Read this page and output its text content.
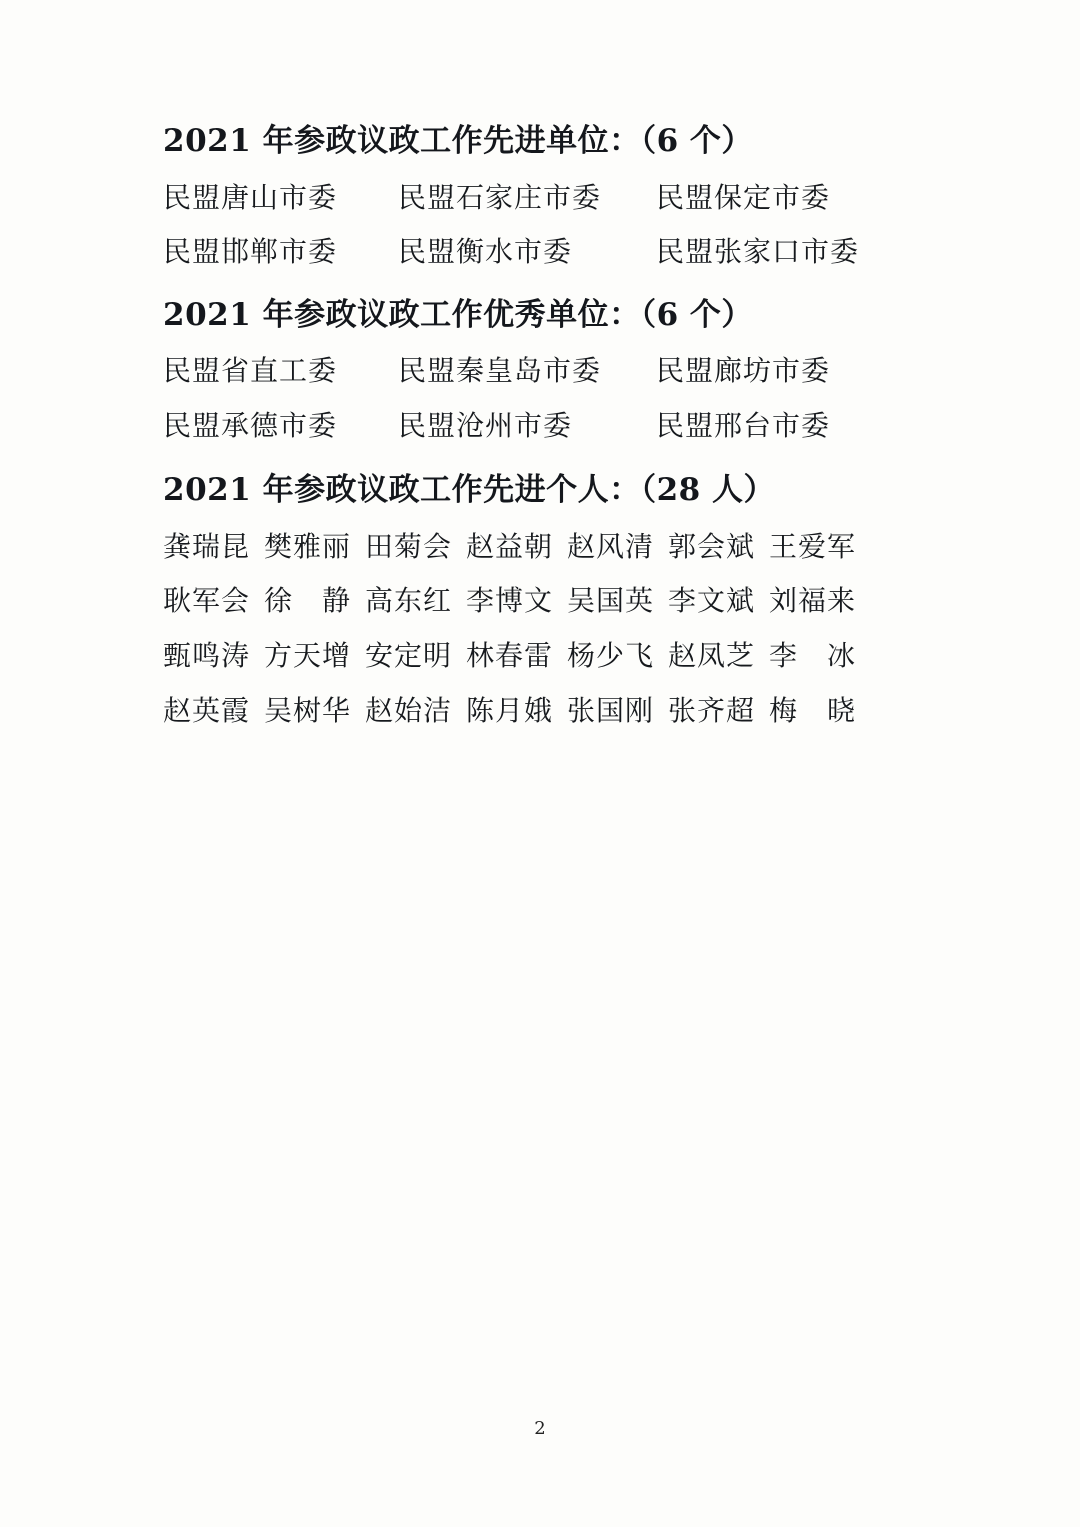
2021 年参政议政工作先进单位：（6 个）
民盟唐山市委	民盟石家庄市委	民盟保定市委
民盟邯郸市委	民盟衡水市委	民盟张家口市委
2021 年参政议政工作优秀单位：（6 个）
民盟省直工委	民盟秦皇岛市委	民盟廊坊市委
民盟承德市委	民盟沧州市委	民盟邢台市委
2021 年参政议政工作先进个人：（28 人）
龚瑞昆 樊雅丽 田菊会 赵益朝 赵风清 郭会斌 王爱军
耿军会 徐　静 高东红 李博文 吴国英 李文斌 刘福来
甄鸣涛 方天增 安定明 林春雷 杨少飞 赵凤芝 李　冰
赵英霞 吴树华 赵始洁 陈月娥 张国刚 张齐超 梅　晓
2
